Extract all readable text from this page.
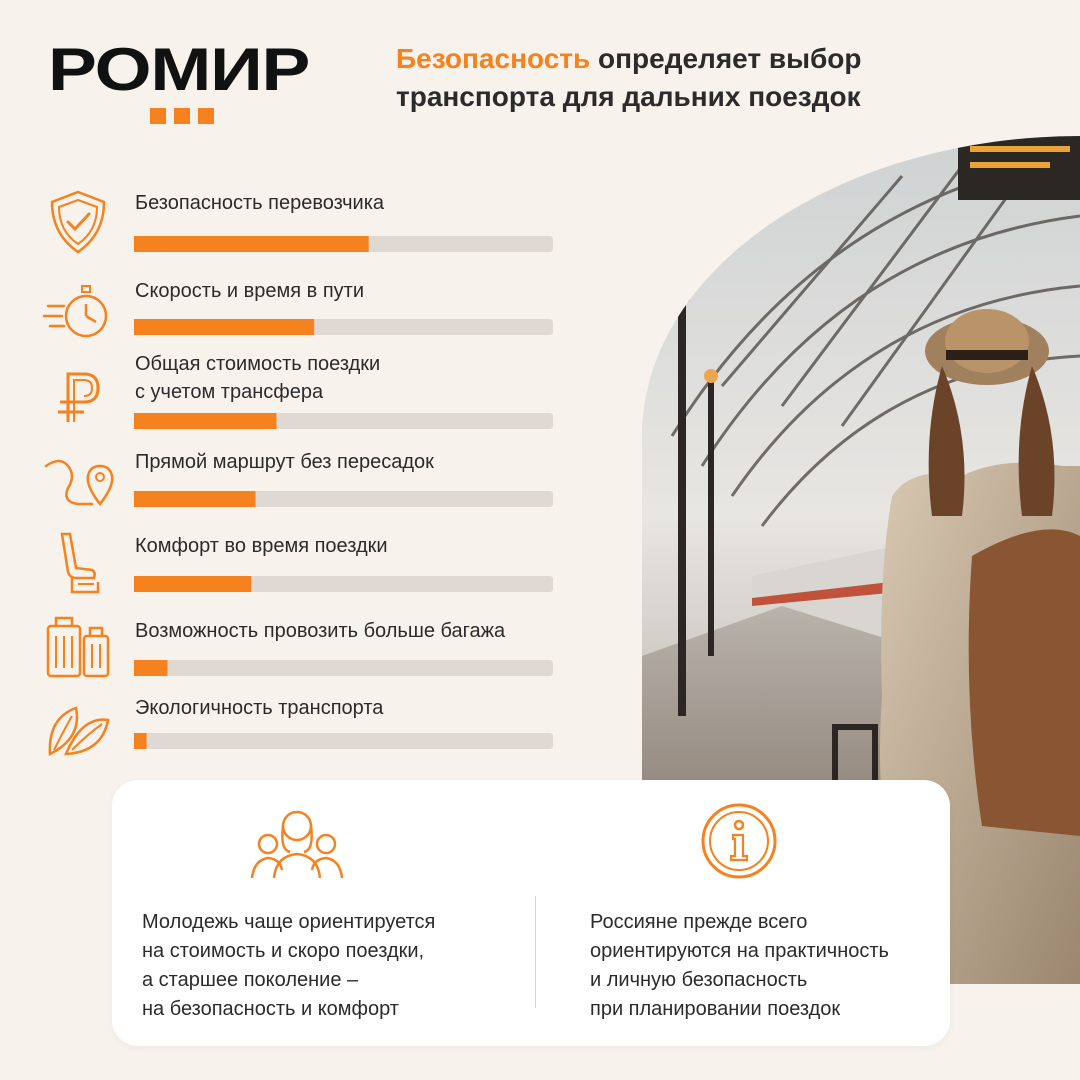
РОМИР	Безопасность определяет выбор
транспорта для дальних поездок
Безопасность перевозчика
Скорость и время в пути
Общая стоимость поездки
с учетом трансфера
Прямой маршрут без пересадок
Комфорт во время поездки
Возможность провозить больше багажа
Экологичность транспорта
Молодежь чаще ориентируется
на стоимость и скоро поездки,
а старшее поколение –
на безопасность и комфорт
Россияне прежде всего
ориентируются на практичность
и личную безопасность
при планировании поездок
